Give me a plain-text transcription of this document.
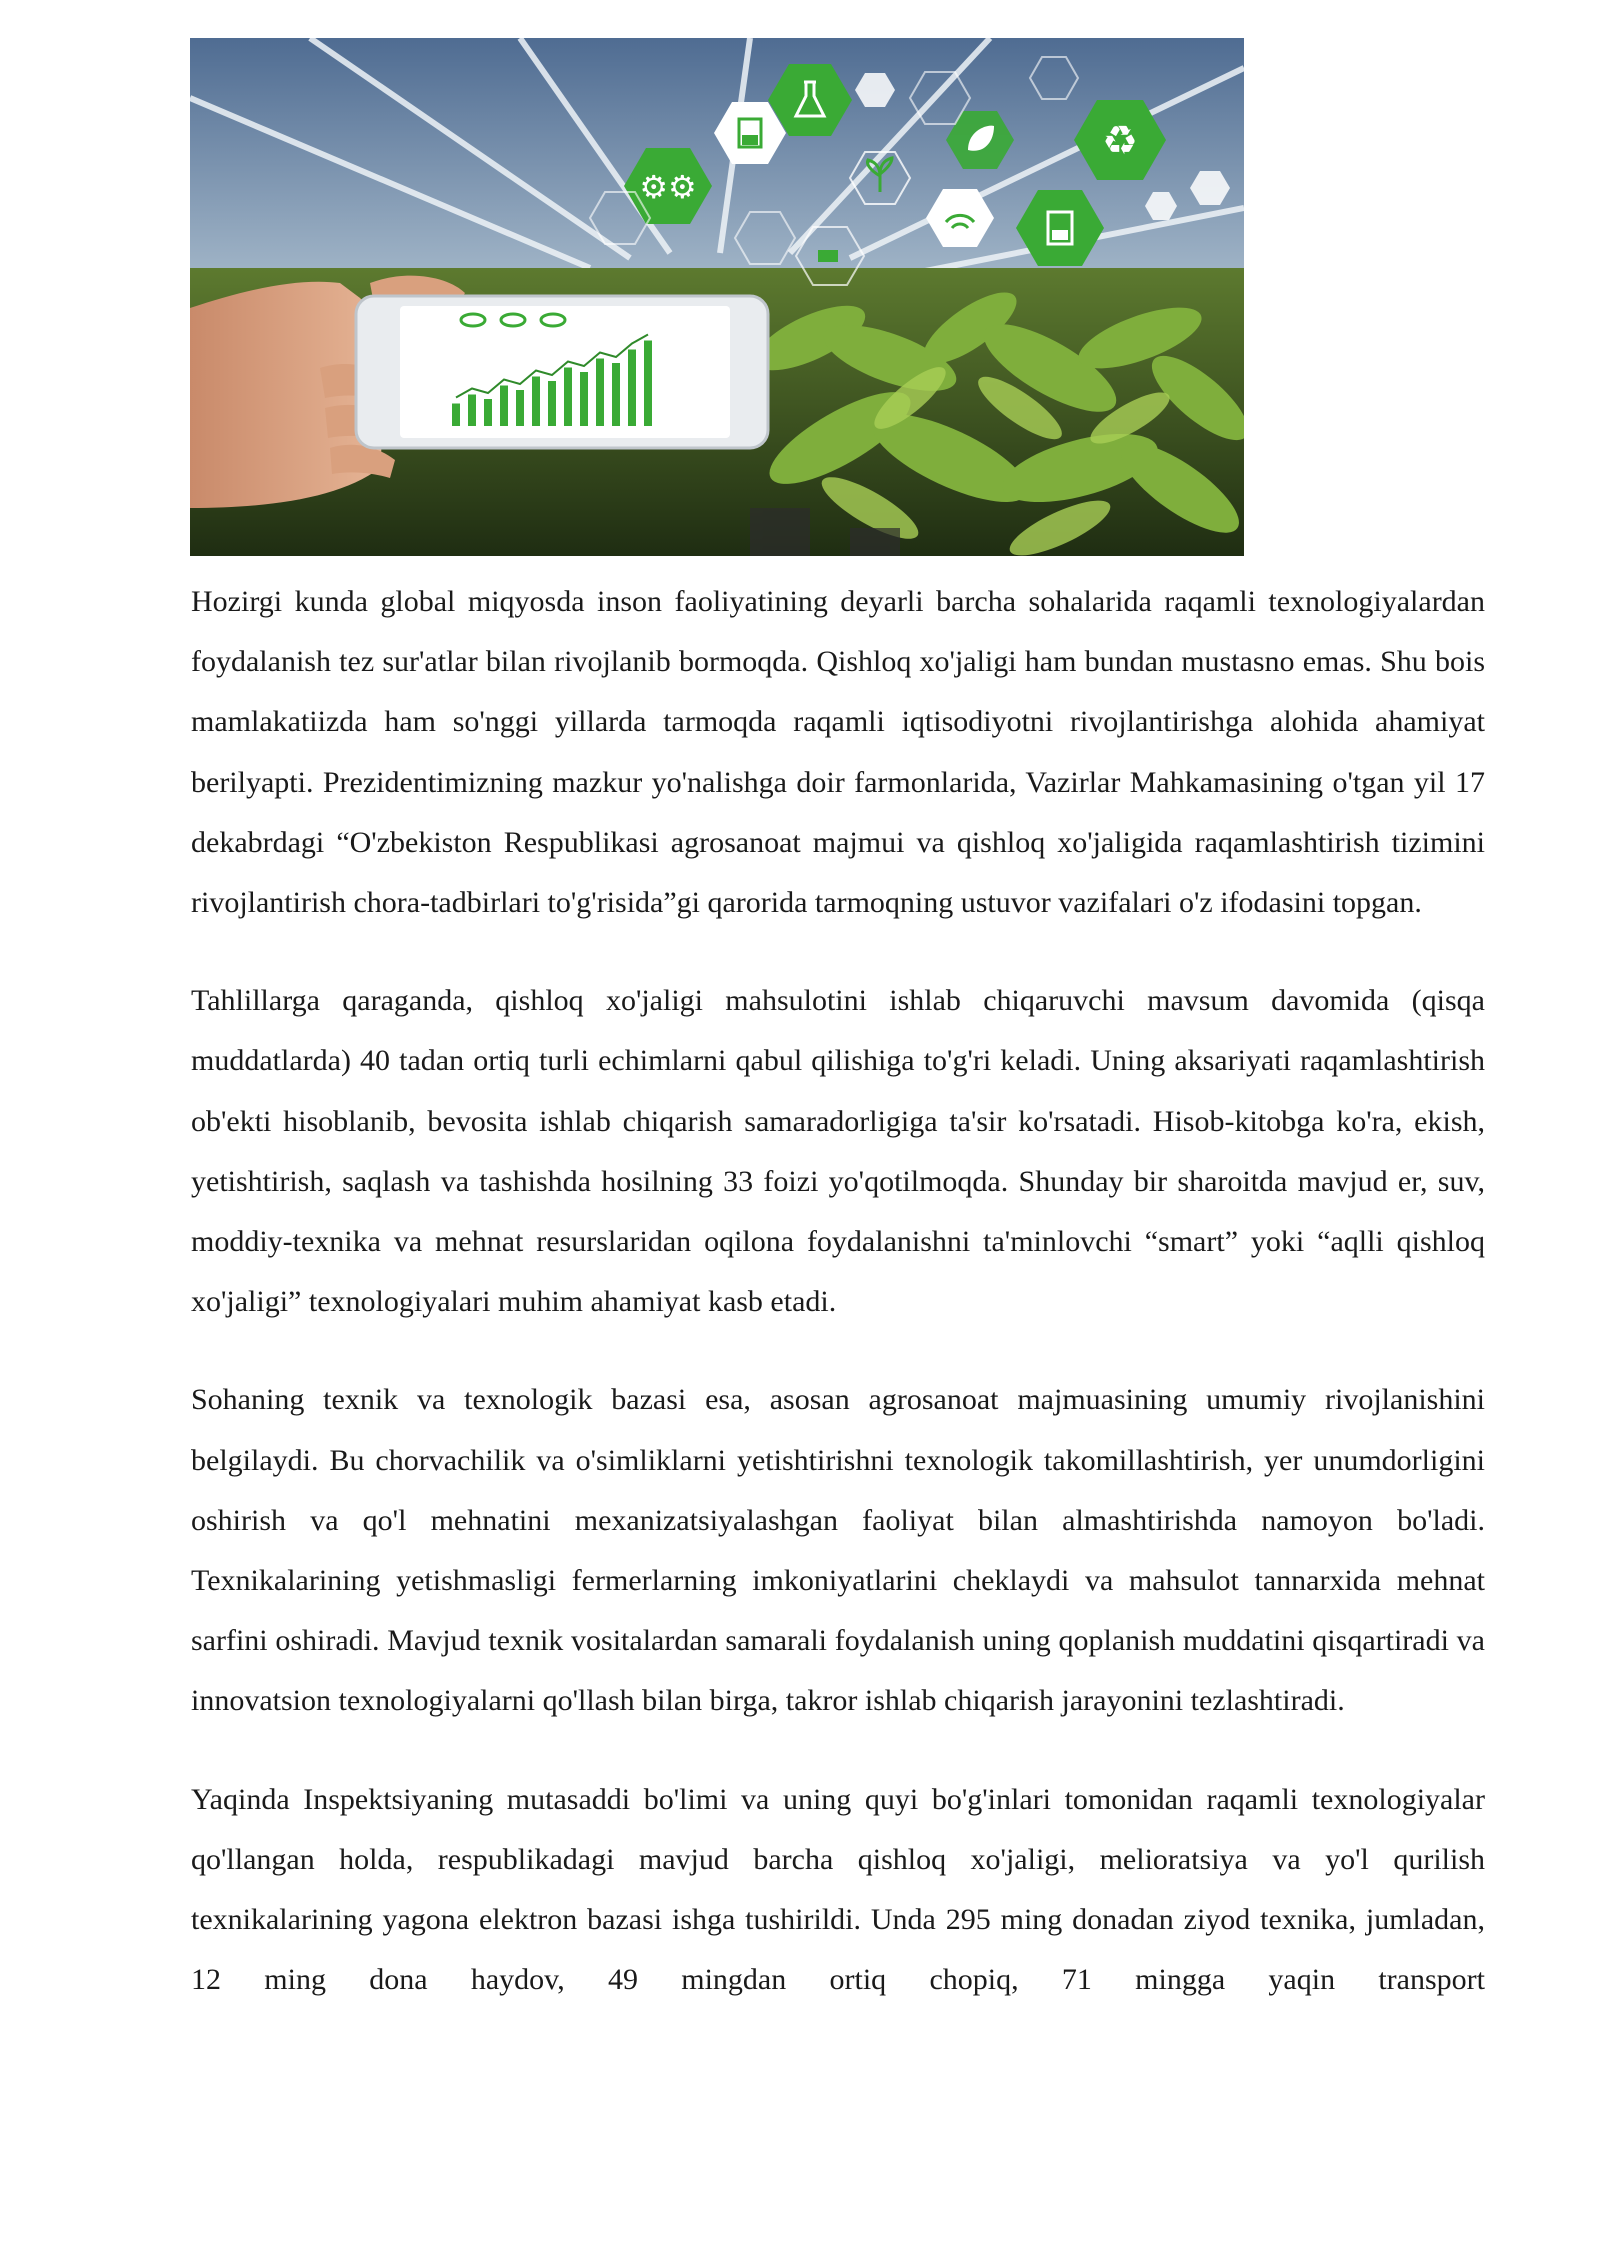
♻
⚙⚙

Hozirgi kunda global miqyosda inson faoliyatining deyarli barcha sohalarida raqamli texnologiyalardan foydalanish tez sur'atlar bilan rivojlanib bormoqda. Qishloq xo'jaligi ham bundan mustasno emas. Shu bois mamlakatiizda ham so'nggi yillarda tarmoqda raqamli iqtisodiyotni rivojlantirishga alohida ahamiyat berilyapti. Prezidentimizning mazkur yo'nalishga doir farmonlarida, Vazirlar Mahkamasining o'tgan yil 17 dekabrdagi “O'zbekiston Respublikasi agrosanoat majmui va qishloq xo'jaligida raqamlashtirish tizimini rivojlantirish chora-tadbirlari to'g'risida”gi qarorida tarmoqning ustuvor vazifalari o'z ifodasini topgan.

Tahlillarga qaraganda, qishloq xo'jaligi mahsulotini ishlab chiqaruvchi mavsum davomida (qisqa muddatlarda) 40 tadan ortiq turli echimlarni qabul qilishiga to'g'ri keladi. Uning aksariyati raqamlashtirish ob'ekti hisoblanib, bevosita ishlab chiqarish samaradorligiga ta'sir ko'rsatadi. Hisob-kitobga ko'ra, ekish, yetishtirish, saqlash va tashishda hosilning 33 foizi yo'qotilmoqda. Shunday bir sharoitda mavjud er, suv, moddiy-texnika va mehnat resurslaridan oqilona foydalanishni ta'minlovchi “smart” yoki “aqlli qishloq xo'jaligi” texnologiyalari muhim ahamiyat kasb etadi.

Sohaning texnik va texnologik bazasi esa, asosan agrosanoat majmuasining umumiy rivojlanishini belgilaydi. Bu chorvachilik va o'simliklarni yetishtirishni texnologik takomillashtirish, yer unumdorligini oshirish va qo'l mehnatini mexanizatsiyalashgan faoliyat bilan almashtirishda namoyon bo'ladi. Texnikalarining yetishmasligi fermerlarning imkoniyatlarini cheklaydi va mahsulot tannarxida mehnat sarfini oshiradi. Mavjud texnik vositalardan samarali foydalanish uning qoplanish muddatini qisqartiradi va innovatsion texnologiyalarni qo'llash bilan birga, takror ishlab chiqarish jarayonini tezlashtiradi.

Yaqinda Inspektsiyaning mutasaddi bo'limi va uning quyi bo'g'inlari tomonidan raqamli texnologiyalar qo'llangan holda, respublikadagi mavjud barcha qishloq xo'jaligi, melioratsiya va yo'l qurilish texnikalarining yagona elektron bazasi ishga tushirildi. Unda 295 ming donadan ziyod texnika, jumladan, 12 ming dona haydov, 49 mingdan ortiq chopiq, 71 mingga yaqin transport
